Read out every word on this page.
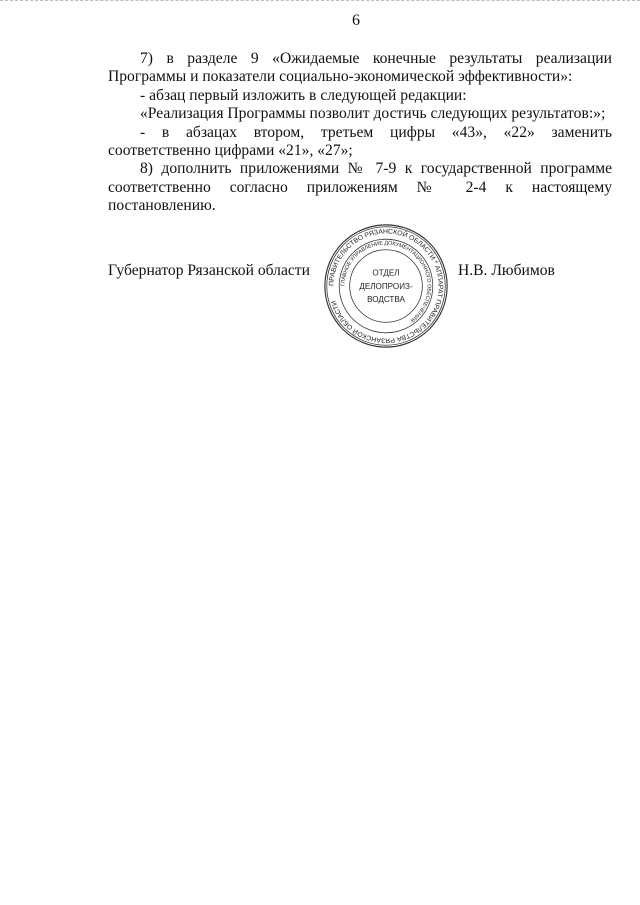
6

7) в разделе 9 «Ожидаемые конечные результаты реализации Программы и показатели социально-экономической эффективности»:

- абзац первый изложить в следующей редакции:

«Реализация Программы позволит достичь следующих результатов:»;

- в абзацах втором, третьем цифры «43», «22» заменить соответственно цифрами «21», «27»;

8) дополнить приложениями № 7-9 к государственной программе соответственно согласно приложениям № 2-4 к настоящему постановлению.

Губернатор Рязанской области	Н.В. Любимов
ПРАВИТЕЛЬСТВО РЯЗАНСКОЙ ОБЛАСТИ * АППАРАТ ПРАВИТЕЛЬСТВА РЯЗАНСКОЙ ОБЛАСТИ
ГЛАВНОЕ УПРАВЛЕНИЕ ДОКУМЕНТАЦИОННОГО ОБЕСПЕЧЕНИЯ
ОТДЕЛ
ДЕЛОПРОИЗ-
ВОДСТВА
